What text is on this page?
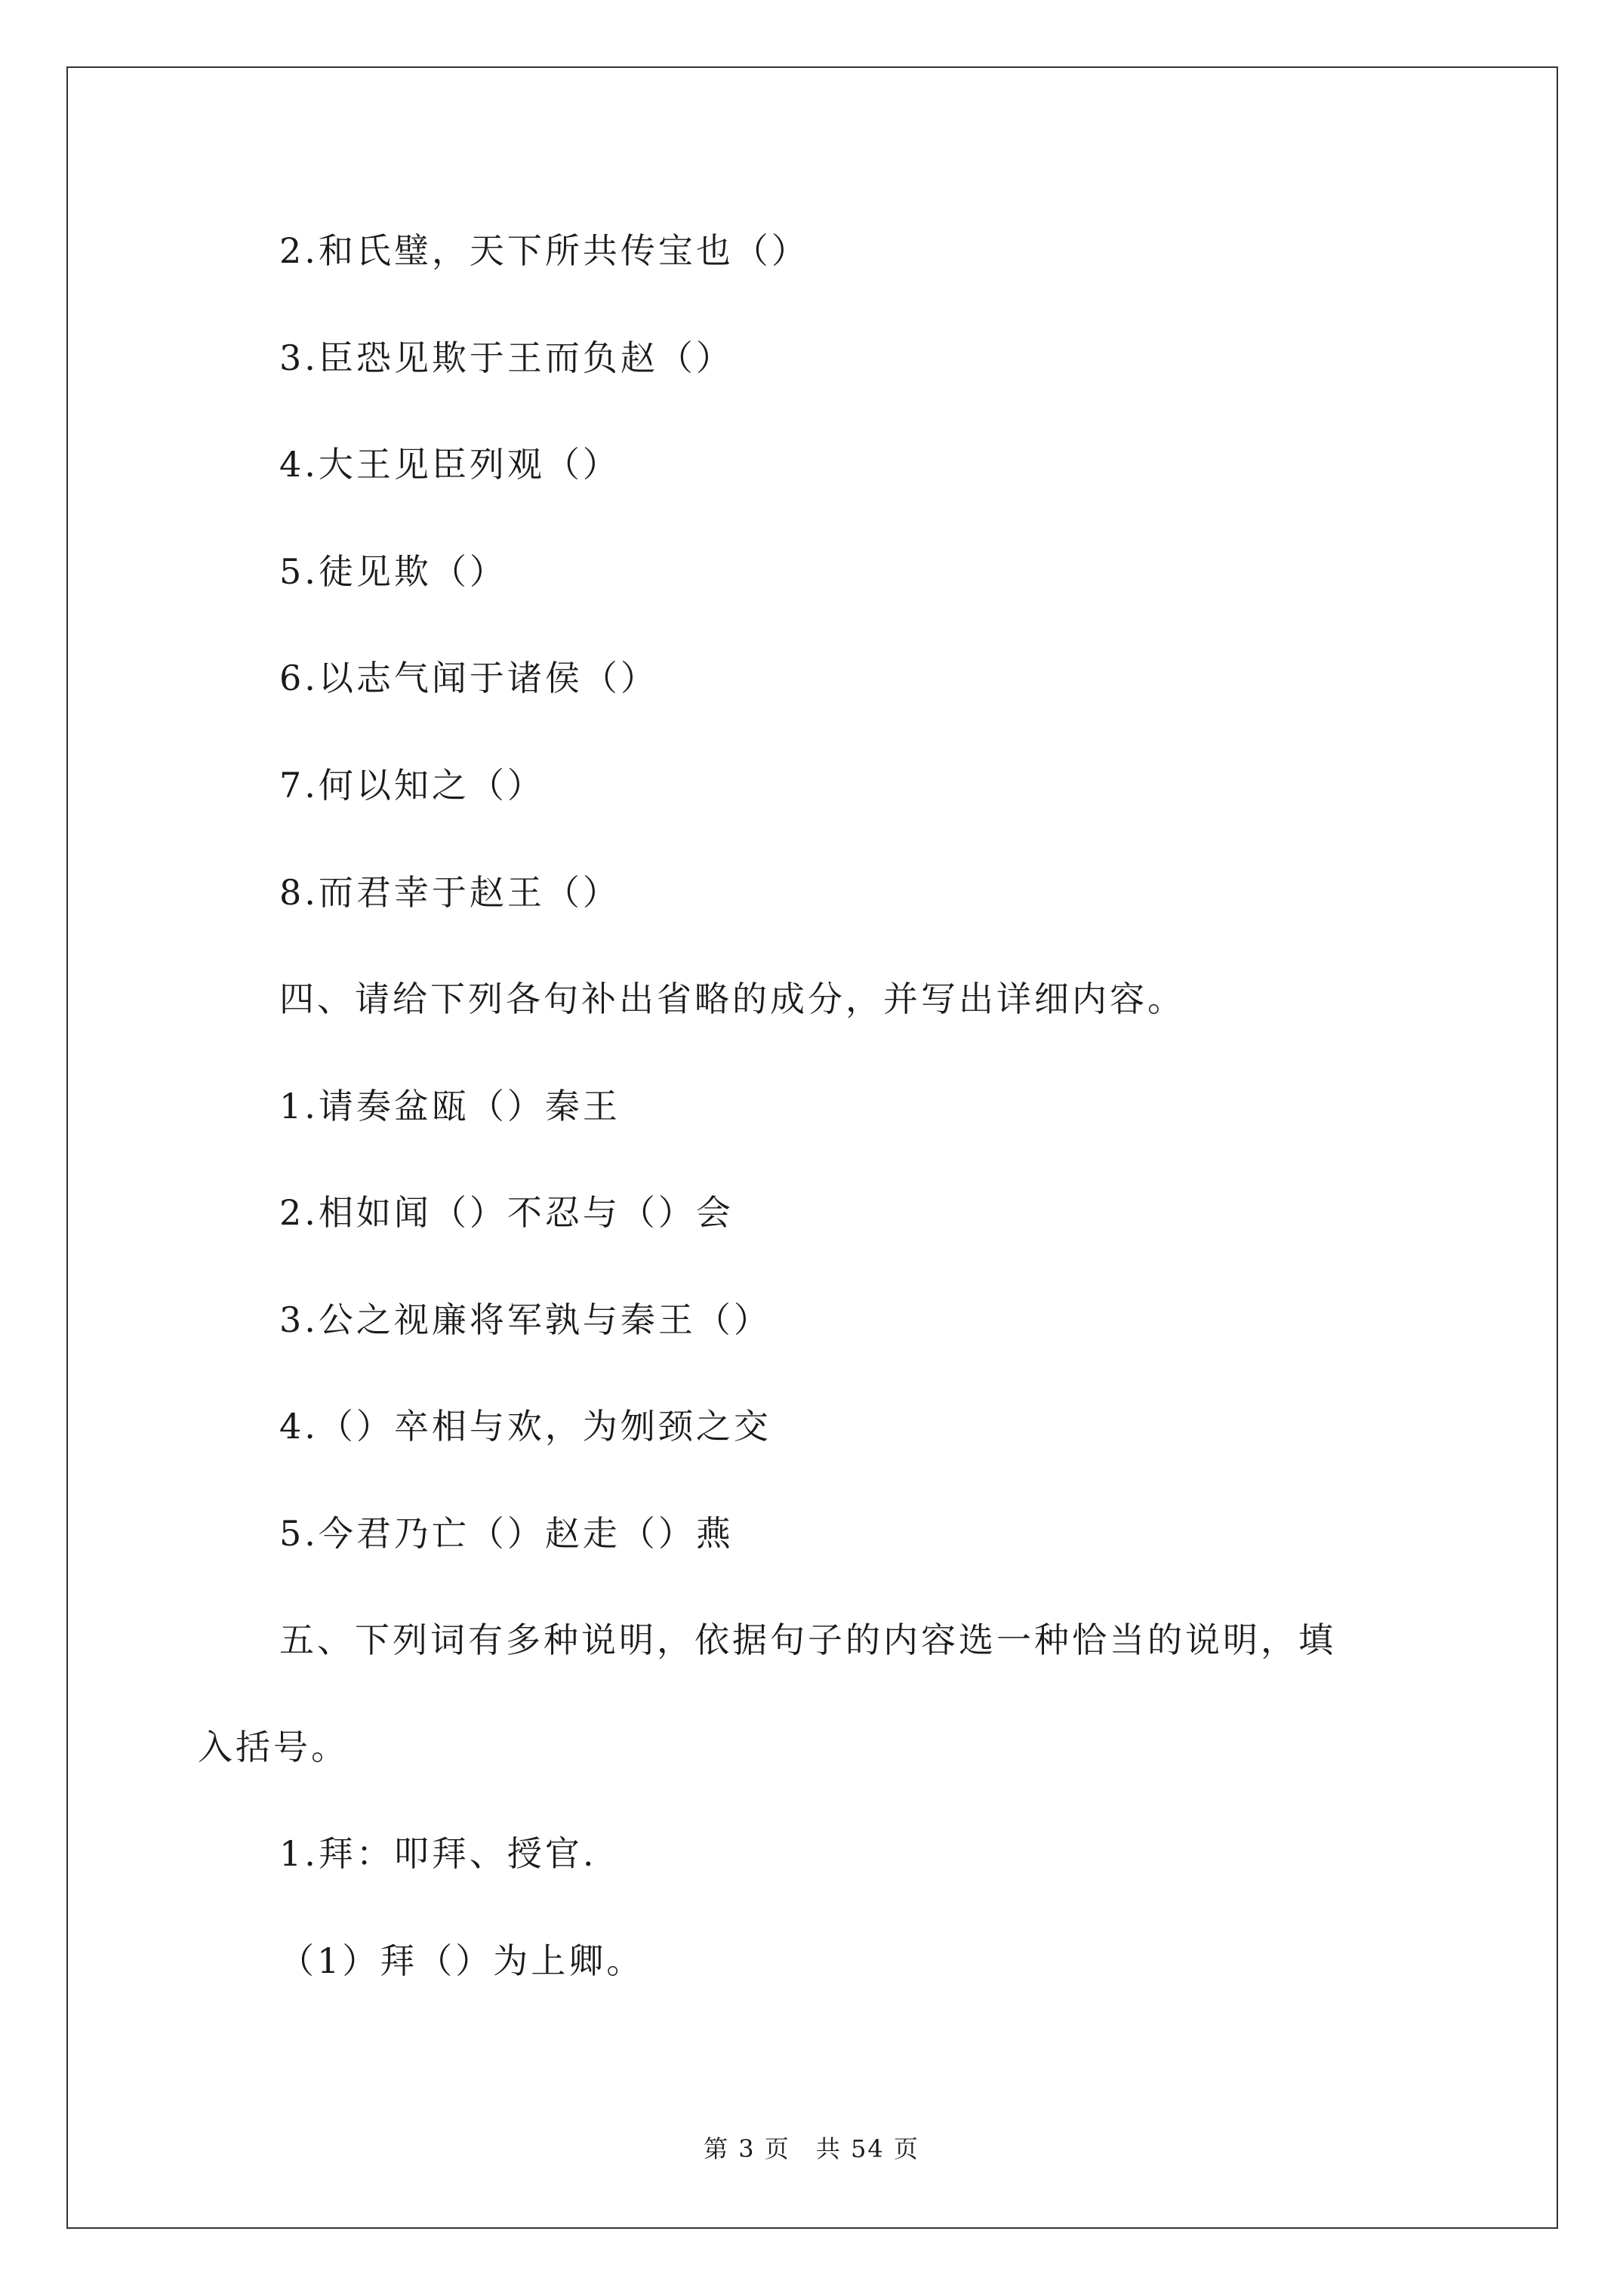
2.和氏璧，天下所共传宝也（）
3.臣恐见欺于王而负赵（）
4.大王见臣列观（）
5.徒见欺（）
6.以志气闻于诸侯（）
7.何以知之（）
8.而君幸于赵王（）
四、请给下列各句补出省略的成分，并写出详细内容。
1.请奏盆瓯（）秦王
2.相如闻（）不忍与（）会
3.公之视廉将军孰与秦王（）
4.（）卒相与欢，为刎颈之交
5.今君乃亡（）赵走（）燕
五、下列词有多种说明，依据句子的内容选一种恰当的说明，填
入括号。
1.拜：叩拜、授官.
（1）拜（）为上卿。
第 3 页 共 54 页
